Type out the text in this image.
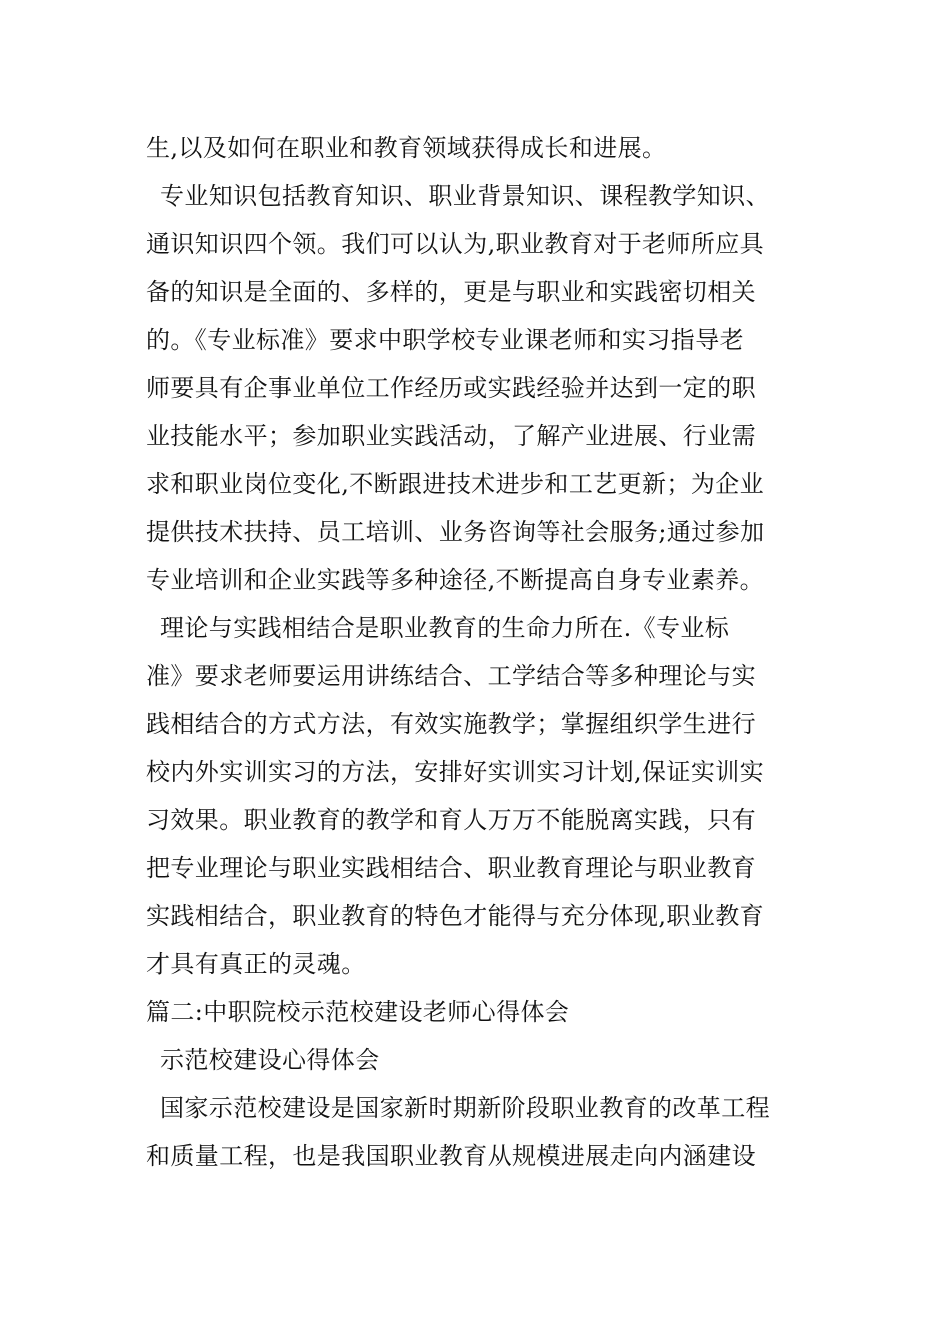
生,以及如何在职业和教育领域获得成长和进展。
专业知识包括教育知识、职业背景知识、课程教学知识、
通识知识四个领。我们可以认为,职业教育对于老师所应具
备的知识是全面的、多样的，更是与职业和实践密切相关
的。《专业标准》要求中职学校专业课老师和实习指导老
师要具有企事业单位工作经历或实践经验并达到一定的职
业技能水平；参加职业实践活动，了解产业进展、行业需
求和职业岗位变化,不断跟进技术进步和工艺更新；为企业
提供技术扶持、员工培训、业务咨询等社会服务;通过参加
专业培训和企业实践等多种途径,不断提高自身专业素养。
理论与实践相结合是职业教育的生命力所在.《专业标
准》要求老师要运用讲练结合、工学结合等多种理论与实
践相结合的方式方法，有效实施教学；掌握组织学生进行
校内外实训实习的方法，安排好实训实习计划,保证实训实
习效果。职业教育的教学和育人万万不能脱离实践，只有
把专业理论与职业实践相结合、职业教育理论与职业教育
实践相结合，职业教育的特色才能得与充分体现,职业教育
才具有真正的灵魂。
篇二:中职院校示范校建设老师心得体会
示范校建设心得体会
国家示范校建设是国家新时期新阶段职业教育的改革工程
和质量工程，也是我国职业教育从规模进展走向内涵建设
